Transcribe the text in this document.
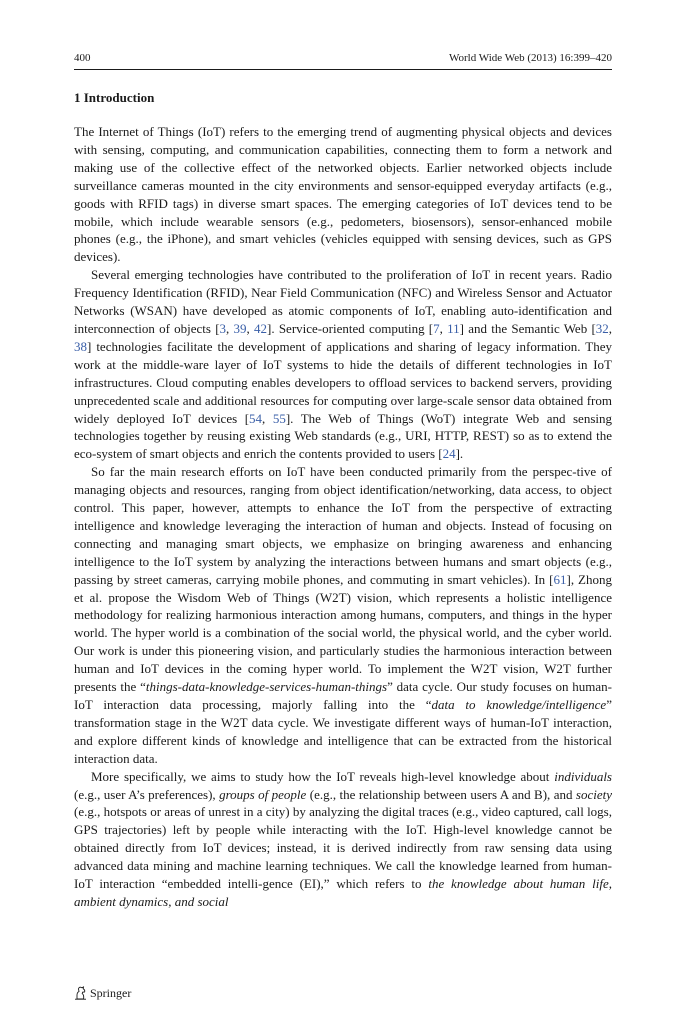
400	World Wide Web (2013) 16:399–420
1 Introduction

The Internet of Things (IoT) refers to the emerging trend of augmenting physical objects and devices with sensing, computing, and communication capabilities, connecting them to form a network and making use of the collective effect of the networked objects. Earlier networked objects include surveillance cameras mounted in the city environments and sensor-equipped everyday artifacts (e.g., goods with RFID tags) in diverse smart spaces. The emerging categories of IoT devices tend to be mobile, which include wearable sensors (e.g., pedometers, biosensors), sensor-enhanced mobile phones (e.g., the iPhone), and smart vehicles (vehicles equipped with sensing devices, such as GPS devices).

Several emerging technologies have contributed to the proliferation of IoT in recent years. Radio Frequency Identification (RFID), Near Field Communication (NFC) and Wireless Sensor and Actuator Networks (WSAN) have developed as atomic components of IoT, enabling auto-identification and interconnection of objects [3, 39, 42]. Service-oriented computing [7, 11] and the Semantic Web [32, 38] technologies facilitate the development of applications and sharing of legacy information. They work at the middle-ware layer of IoT systems to hide the details of different technologies in IoT infrastructures. Cloud computing enables developers to offload services to backend servers, providing unprecedented scale and additional resources for computing over large-scale sensor data obtained from widely deployed IoT devices [54, 55]. The Web of Things (WoT) integrate Web and sensing technologies together by reusing existing Web standards (e.g., URI, HTTP, REST) so as to extend the eco-system of smart objects and enrich the contents provided to users [24].

So far the main research efforts on IoT have been conducted primarily from the perspec-tive of managing objects and resources, ranging from object identification/networking, data access, to object control. This paper, however, attempts to enhance the IoT from the perspective of extracting intelligence and knowledge leveraging the interaction of human and objects. Instead of focusing on connecting and managing smart objects, we emphasize on bringing awareness and enhancing intelligence to the IoT system by analyzing the interactions between humans and smart objects (e.g., passing by street cameras, carrying mobile phones, and commuting in smart vehicles). In [61], Zhong et al. propose the Wisdom Web of Things (W2T) vision, which represents a holistic intelligence methodology for realizing harmonious interaction among humans, computers, and things in the hyper world. The hyper world is a combination of the social world, the physical world, and the cyber world. Our work is under this pioneering vision, and particularly studies the harmonious interaction between human and IoT devices in the coming hyper world. To implement the W2T vision, W2T further presents the “things-data-knowledge-services-human-things” data cycle. Our study focuses on human-IoT interaction data processing, majorly falling into the “data to knowledge/intelligence” transformation stage in the W2T data cycle. We investigate different ways of human-IoT interaction, and explore different kinds of knowledge and intelligence that can be extracted from the historical interaction data.

More specifically, we aims to study how the IoT reveals high-level knowledge about individuals (e.g., user A’s preferences), groups of people (e.g., the relationship between users A and B), and society (e.g., hotspots or areas of unrest in a city) by analyzing the digital traces (e.g., video captured, call logs, GPS trajectories) left by people while interacting with the IoT. High-level knowledge cannot be obtained directly from IoT devices; instead, it is derived indirectly from raw sensing data using advanced data mining and machine learning techniques. We call the knowledge learned from human-IoT interaction “embedded intelli-gence (EI),” which refers to the knowledge about human life, ambient dynamics, and social

Springer
